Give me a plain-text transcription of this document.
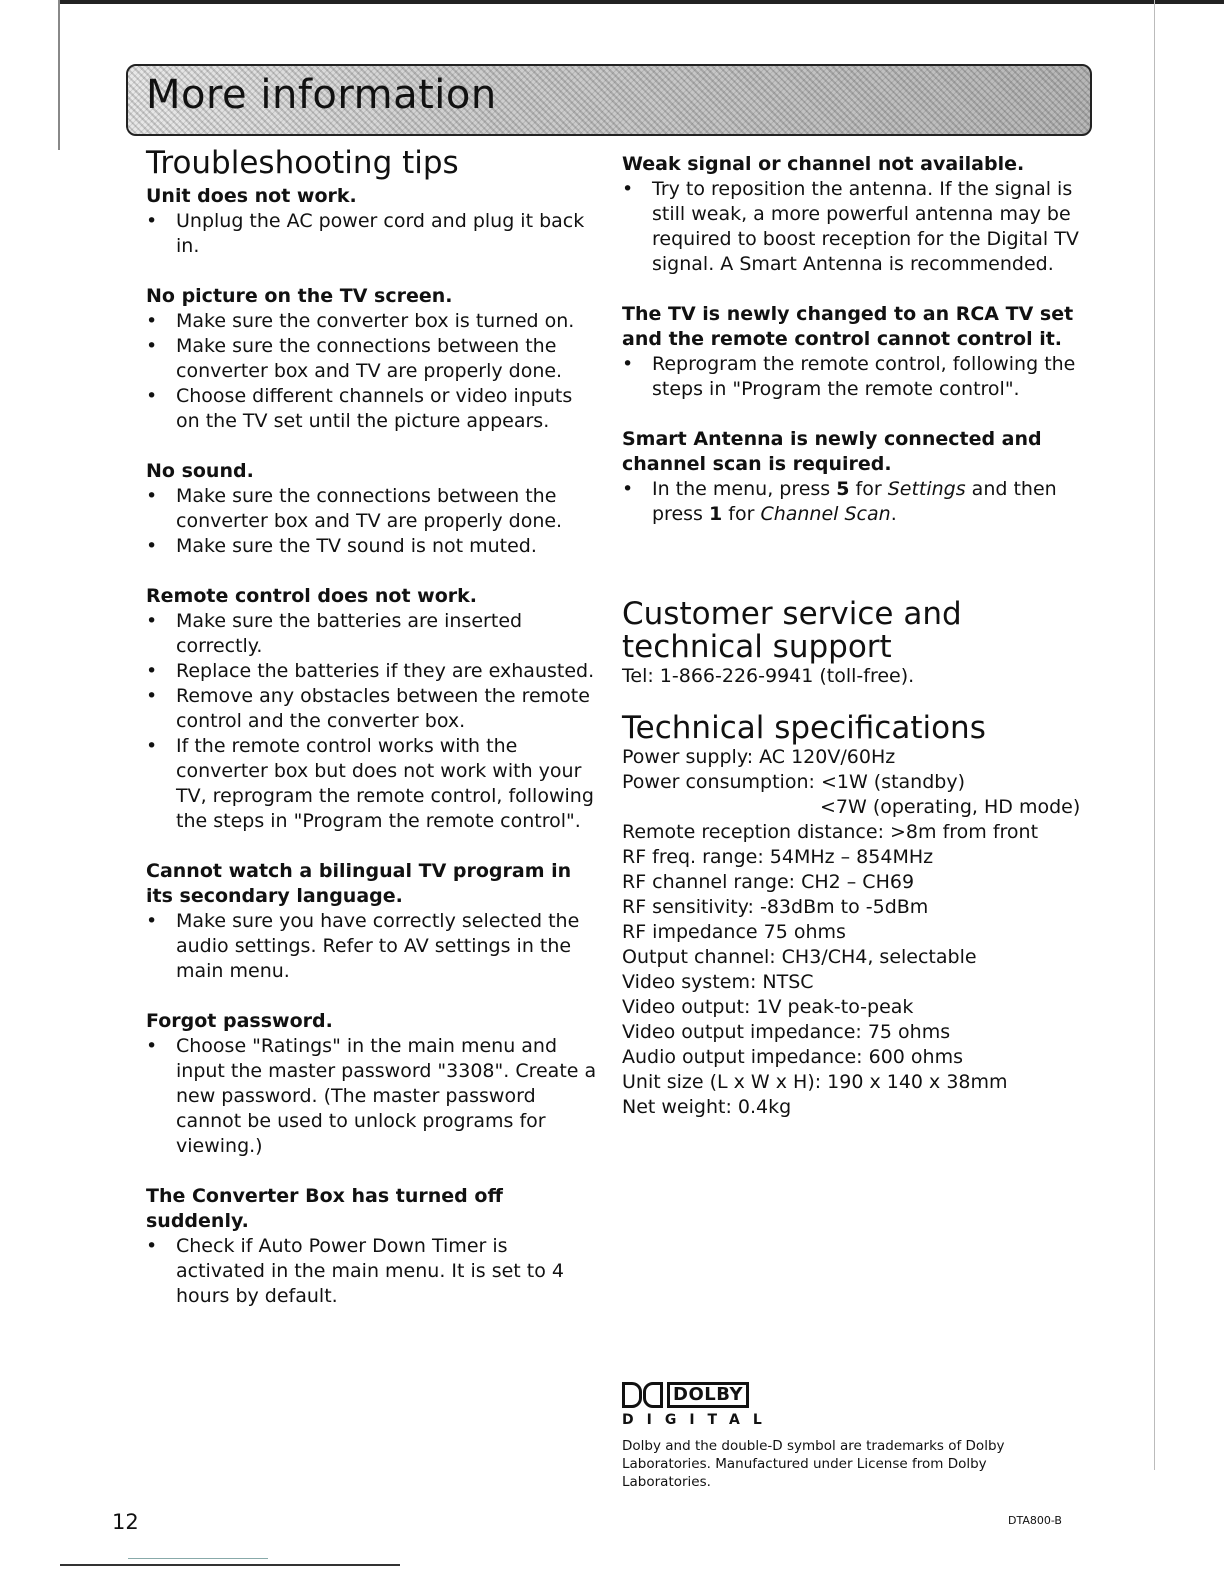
More information
Troubleshooting tips
Unit does not work.
• Unplug the AC power cord and plug it back in.
No picture on the TV screen.
• Make sure the converter box is turned on.
• Make sure the connections between the converter box and TV are properly done.
• Choose different channels or video inputs on the TV set until the picture appears.
No sound.
• Make sure the connections between the converter box and TV are properly done.
• Make sure the TV sound is not muted.
Remote control does not work.
• Make sure the batteries are inserted correctly.
• Replace the batteries if they are exhausted.
• Remove any obstacles between the remote control and the converter box.
• If the remote control works with the converter box but does not work with your TV, reprogram the remote control, following the steps in "Program the remote control".
Cannot watch a bilingual TV program in its secondary language.
• Make sure you have correctly selected the audio settings. Refer to AV settings in the main menu.
Forgot password.
• Choose "Ratings" in the main menu and input the master password "3308". Create a new password. (The master password cannot be used to unlock programs for viewing.)
The Converter Box has turned off suddenly.
• Check if Auto Power Down Timer is activated in the main menu. It is set to 4 hours by default.
Weak signal or channel not available.
• Try to reposition the antenna. If the signal is still weak, a more powerful antenna may be required to boost reception for the Digital TV signal. A Smart Antenna is recommended.
The TV is newly changed to an RCA TV set and the remote control cannot control it.
• Reprogram the remote control, following the steps in "Program the remote control".
Smart Antenna is newly connected and channel scan is required.
• In the menu, press 5 for Settings and then press 1 for Channel Scan.
Customer service and
technical support

Tel: 1-866-226-9941 (toll-free).

Technical specifications

Power supply: AC 120V/60Hz

Power consumption: <1W (standby)

<7W (operating, HD mode)

Remote reception distance: >8m from front

RF freq. range: 54MHz – 854MHz

RF channel range: CH2 – CH69

RF sensitivity: -83dBm to -5dBm

RF impedance 75 ohms

Output channel: CH3/CH4, selectable

Video system: NTSC

Video output: 1V peak-to-peak

Video output impedance: 75 ohms

Audio output impedance: 600 ohms

Unit size (L x W x H): 190 x 140 x 38mm

Net weight: 0.4kg

DOLBY
DIGITAL
Dolby and the double-D symbol are trademarks of Dolby Laboratories. Manufactured under License from Dolby Laboratories.
12	DTA800-B
